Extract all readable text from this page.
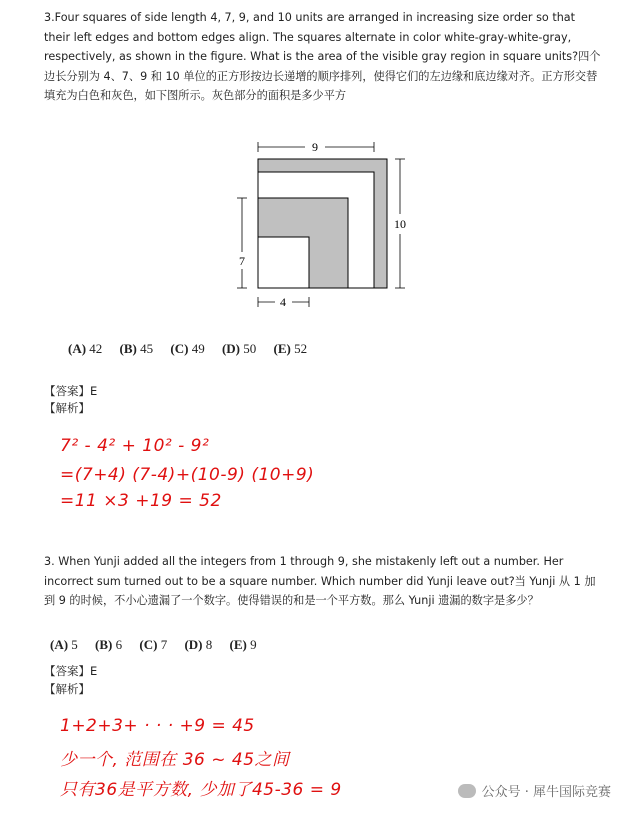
3.Four squares of side length 4, 7, 9, and 10 units are arranged in increasing size order so that their left edges and bottom edges align. The squares alternate in color white-gray-white-gray, respectively, as shown in the figure. What is the area of the visible gray region in square units?四个边长分别为 4、7、9 和 10 单位的正方形按边长递增的顺序排列，使得它们的左边缘和底边缘对齐。正方形交替填充为白色和灰色，如下图所示。灰色部分的面积是多少平方
9
10
7
4
(A) 42 (B) 45 (C) 49 (D) 50 (E) 52
【答案】E
【解析】
7² - 4² + 10² - 9²
=(7+4) (7-4)+(10-9) (10+9)
=11 ×3 +19 = 52
3. When Yunji added all the integers from 1 through 9, she mistakenly left out a number. Her incorrect sum turned out to be a square number. Which number did Yunji leave out?当 Yunji 从 1 加到 9 的时候，不小心遗漏了一个数字。使得错误的和是一个平方数。那么 Yunji 遗漏的数字是多少？
(A) 5 (B) 6 (C) 7 (D) 8 (E) 9
【答案】E
【解析】
1+2+3+ · · · +9 = 45
少一个, 范围在 36 ~ 45之间
只有36是平方数, 少加了45-36 = 9	公众号 · 犀牛国际竞赛
